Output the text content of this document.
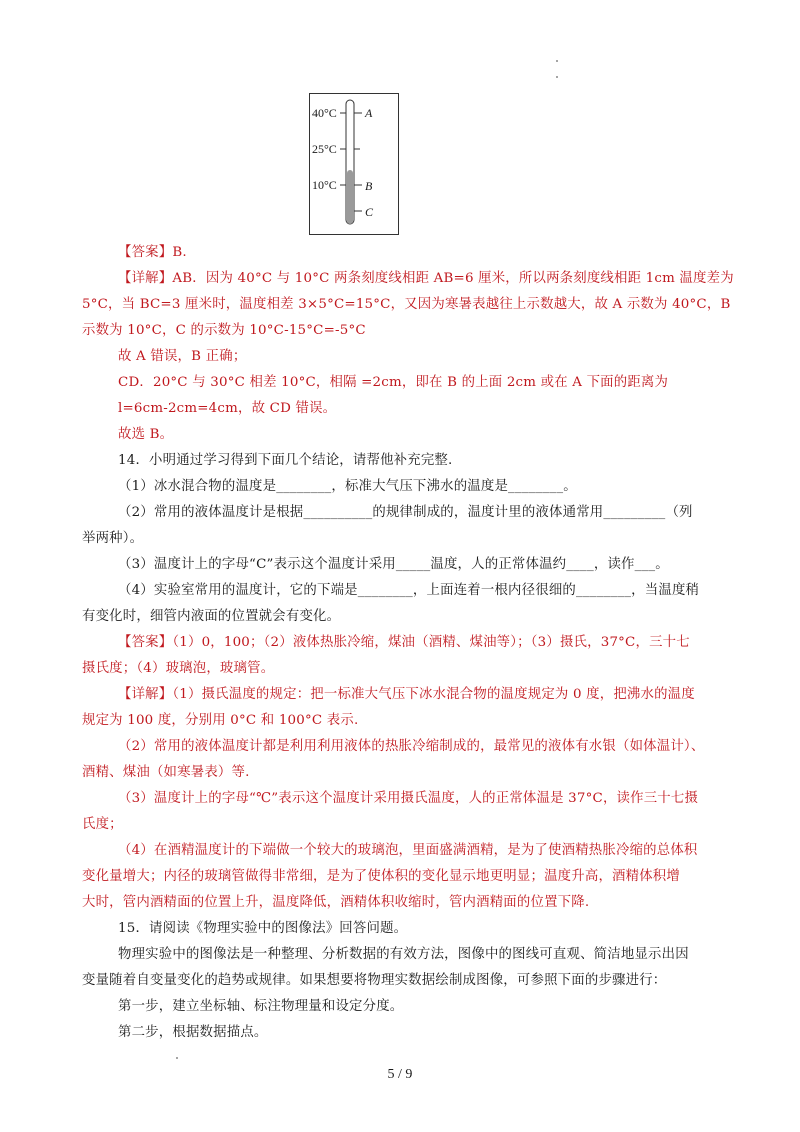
40°C
25°C
10°C
A
B
C
【答案】B.
【详解】AB．因为 40°C 与 10°C 两条刻度线相距 AB=6 厘米，所以两条刻度线相距 1cm 温度差为
5°C，当 BC=3 厘米时，温度相差 3×5°C=15°C，又因为寒暑表越往上示数越大，故 A 示数为 40°C，B
示数为 10°C，C 的示数为 10°C-15°C=-5°C
故 A 错误，B 正确；
CD．20°C 与 30°C 相差 10°C，相隔 =2cm，即在 B 的上面 2cm 或在 A 下面的距离为
l=6cm-2cm=4cm，故 CD 错误。
故选 B。
14．小明通过学习得到下面几个结论，请帮他补充完整.
（1）冰水混合物的温度是________，标准大气压下沸水的温度是________。
（2）常用的液体温度计是根据__________的规律制成的，温度计里的液体通常用_________（列
举两种）。
（3）温度计上的字母“C”表示这个温度计采用_____温度，人的正常体温约____，读作___。
（4）实验室常用的温度计，它的下端是________，上面连着一根内径很细的________，当温度稍
有变化时，细管内液面的位置就会有变化。
【答案】（1）0，100；（2）液体热胀冷缩，煤油（酒精、煤油等）；（3）摄氏，37°C，三十七
摄氏度；（4）玻璃泡，玻璃管。
【详解】（1）摄氏温度的规定：把一标准大气压下冰水混合物的温度规定为 0 度，把沸水的温度
规定为 100 度，分别用 0°C 和 100°C 表示.
（2）常用的液体温度计都是利用利用液体的热胀冷缩制成的，最常见的液体有水银（如体温计）、
酒精、煤油（如寒暑表）等.
（3）温度计上的字母“℃”表示这个温度计采用摄氏温度，人的正常体温是 37°C，读作三十七摄
氏度；
（4）在酒精温度计的下端做一个较大的玻璃泡，里面盛满酒精，是为了使酒精热胀冷缩的总体积
变化量增大；内径的玻璃管做得非常细，是为了使体积的变化显示地更明显；温度升高，酒精体积增
大时，管内酒精面的位置上升，温度降低，酒精体积收缩时，管内酒精面的位置下降.
15．请阅读《物理实验中的图像法》回答问题。
物理实验中的图像法是一种整理、分析数据的有效方法，图像中的图线可直观、简洁地显示出因
变量随着自变量变化的趋势或规律。如果想要将物理实数据绘制成图像，可参照下面的步骤进行：
第一步，建立坐标轴、标注物理量和设定分度。
第二步，根据数据描点。
5 / 9
